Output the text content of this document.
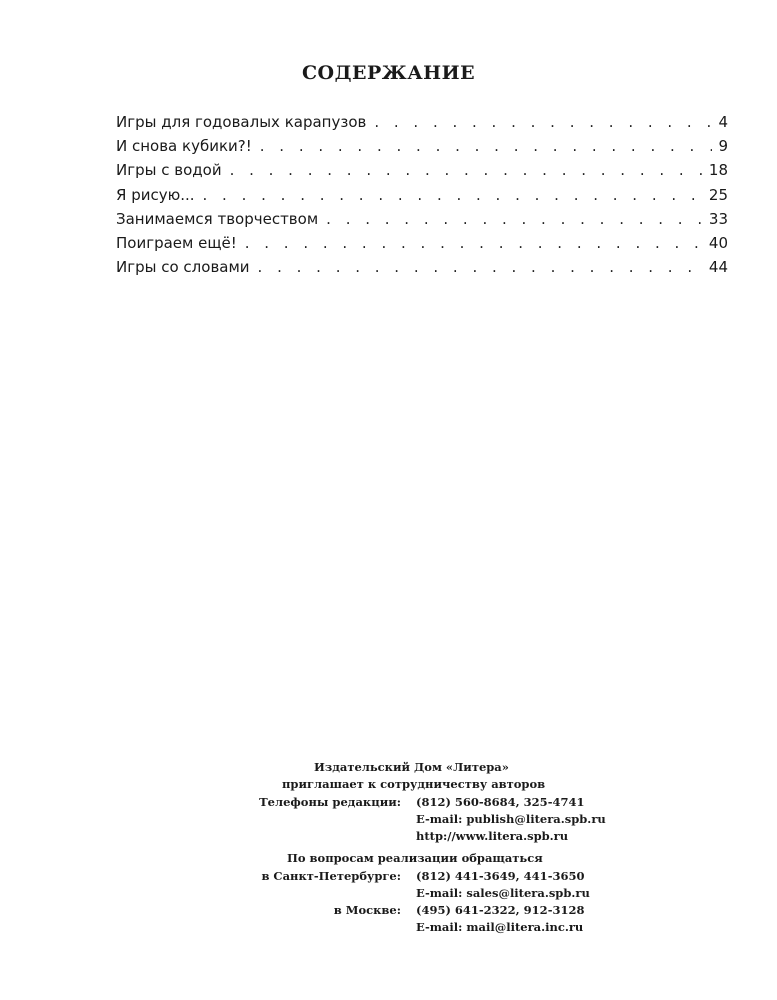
СОДЕРЖАНИЕ
Игры для годовалых карапузов . . .	4
И снова кубики?! . . .	9
Игры с водой . . .	18
Я рисую... . . .	25
Занимаемся творчеством . . .	33
Поиграем ещё! . . .	40
Игры со словами . . .	44
Издательский Дом «Литера»
приглашает к сотрудничеству авторов
Телефоны редакции: (812) 560-8684, 325-4741
E-mail: publish@litera.spb.ru
http://www.litera.spb.ru
По вопросам реализации обращаться
в Санкт-Петербурге: (812) 441-3649, 441-3650
E-mail: sales@litera.spb.ru
в Москве: (495) 641-2322, 912-3128
E-mail: mail@litera.inc.ru
